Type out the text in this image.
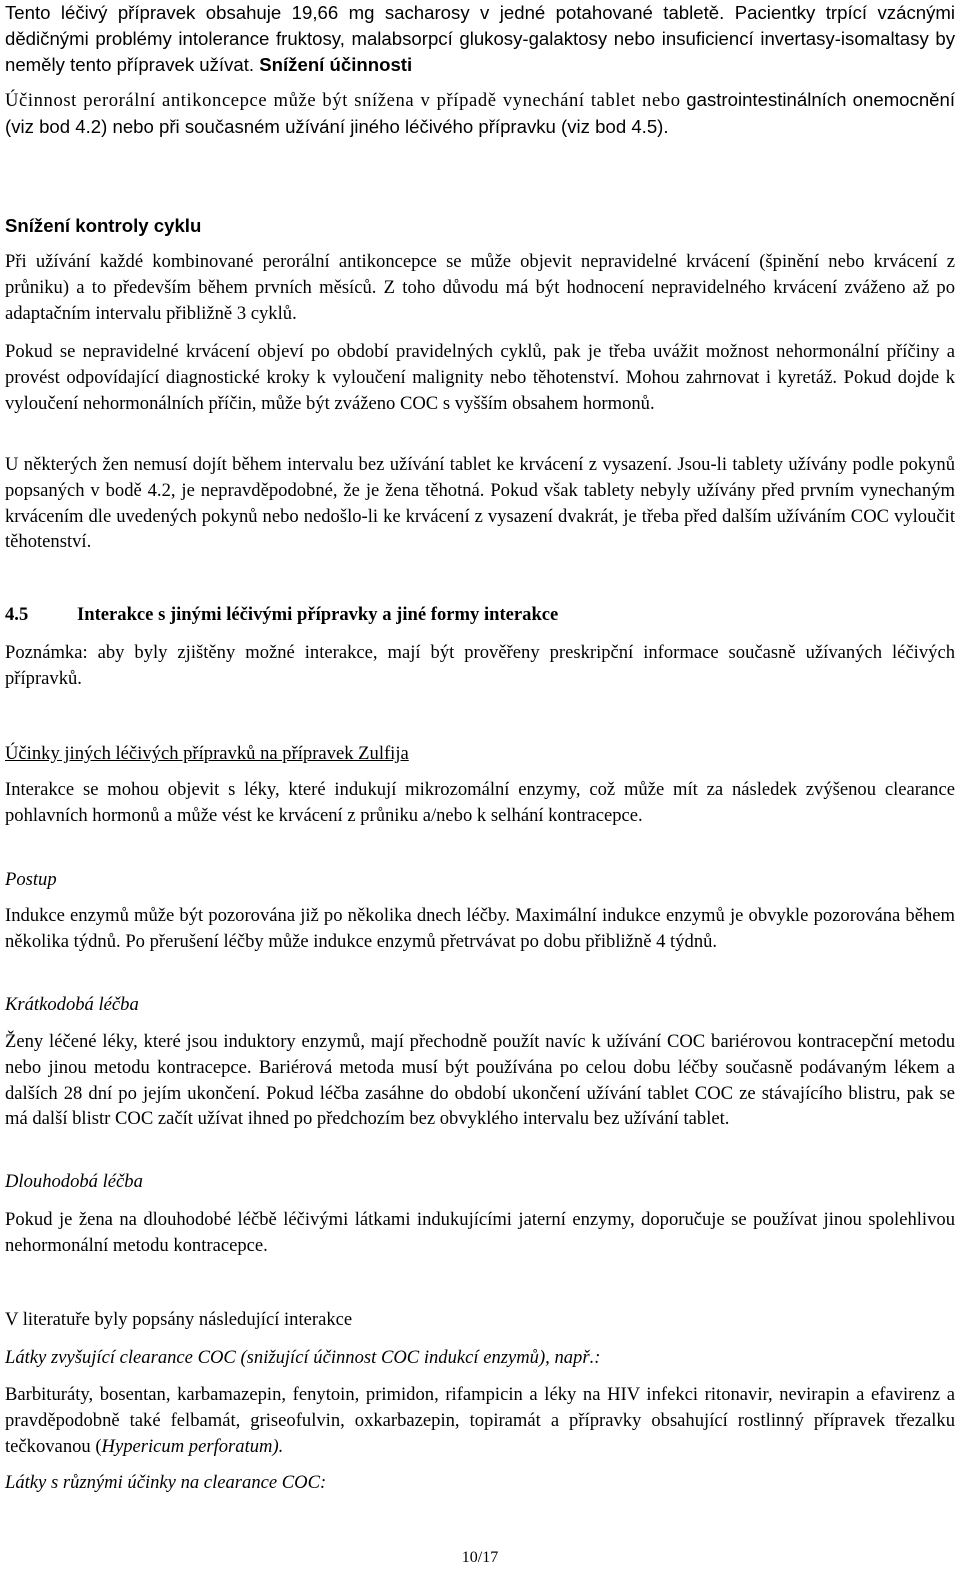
Tento léčivý přípravek obsahuje 19,66 mg sacharosy v jedné potahované tabletě. Pacientky trpící vzácnými dědičnými problémy intolerance fruktosy, malabsorpcí glukosy-galaktosy nebo insuficiencí invertasy-isomaltasy by neměly tento přípravek užívat. Snížení účinnosti

Účinnost perorální antikoncepce může být snížena v případě vynechání tablet nebo gastrointestinálních onemocnění (viz bod 4.2) nebo při současném užívání jiného léčivého přípravku (viz bod 4.5).

Snížení kontroly cyklu

Při užívání každé kombinované perorální antikoncepce se může objevit nepravidelné krvácení (špinění nebo krvácení z průniku) a to především během prvních měsíců. Z toho důvodu má být hodnocení nepravidelného krvácení zváženo až po adaptačním intervalu přibližně 3 cyklů.

Pokud se nepravidelné krvácení objeví po období pravidelných cyklů, pak je třeba uvážit možnost nehormonální příčiny a provést odpovídající diagnostické kroky k vyloučení malignity nebo těhotenství. Mohou zahrnovat i kyretáž. Pokud dojde k vyloučení nehormonálních příčin, může být zváženo COC s vyšším obsahem hormonů.

U některých žen nemusí dojít během intervalu bez užívání tablet ke krvácení z vysazení. Jsou-li tablety užívány podle pokynů popsaných v bodě 4.2, je nepravděpodobné, že je žena těhotná. Pokud však tablety nebyly užívány před prvním vynechaným krvácením dle uvedených pokynů nebo nedošlo-li ke krvácení z vysazení dvakrát, je třeba před dalším užíváním COC vyloučit těhotenství.

4.5	Interakce s jinými léčivými přípravky a jiné formy interakce

Poznámka: aby byly zjištěny možné interakce, mají být prověřeny preskripční informace současně užívaných léčivých přípravků.

Účinky jiných léčivých přípravků na přípravek Zulfija

Interakce se mohou objevit s léky, které indukují mikrozomální enzymy, což může mít za následek zvýšenou clearance pohlavních hormonů a může vést ke krvácení z průniku a/nebo k selhání kontracepce.

Postup

Indukce enzymů může být pozorována již po několika dnech léčby. Maximální indukce enzymů je obvykle pozorována během několika týdnů. Po přerušení léčby může indukce enzymů přetrvávat po dobu přibližně 4 týdnů.

Krátkodobá léčba

Ženy léčené léky, které jsou induktory enzymů, mají přechodně použít navíc k užívání COC bariérovou kontracepční metodu nebo jinou metodu kontracepce. Bariérová metoda musí být používána po celou dobu léčby současně podávaným lékem a dalších 28 dní po jejím ukončení. Pokud léčba zasáhne do období ukončení užívání tablet COC ze stávajícího blistru, pak se má další blistr COC začít užívat ihned po předchozím bez obvyklého intervalu bez užívání tablet.

Dlouhodobá léčba

Pokud je žena na dlouhodobé léčbě léčivými látkami indukujícími jaterní enzymy, doporučuje se používat jinou spolehlivou nehormonální metodu kontracepce.

V literatuře byly popsány následující interakce

Látky zvyšující clearance COC (snižující účinnost COC indukcí enzymů), např.:

Barbituráty, bosentan, karbamazepin, fenytoin, primidon, rifampicin a léky na HIV infekci ritonavir, nevirapin a efavirenz a pravděpodobně také felbamát, griseofulvin, oxkarbazepin, topiramát a přípravky obsahující rostlinný přípravek třezalku tečkovanou (Hypericum perforatum).

Látky s různými účinky na clearance COC:

10/17
